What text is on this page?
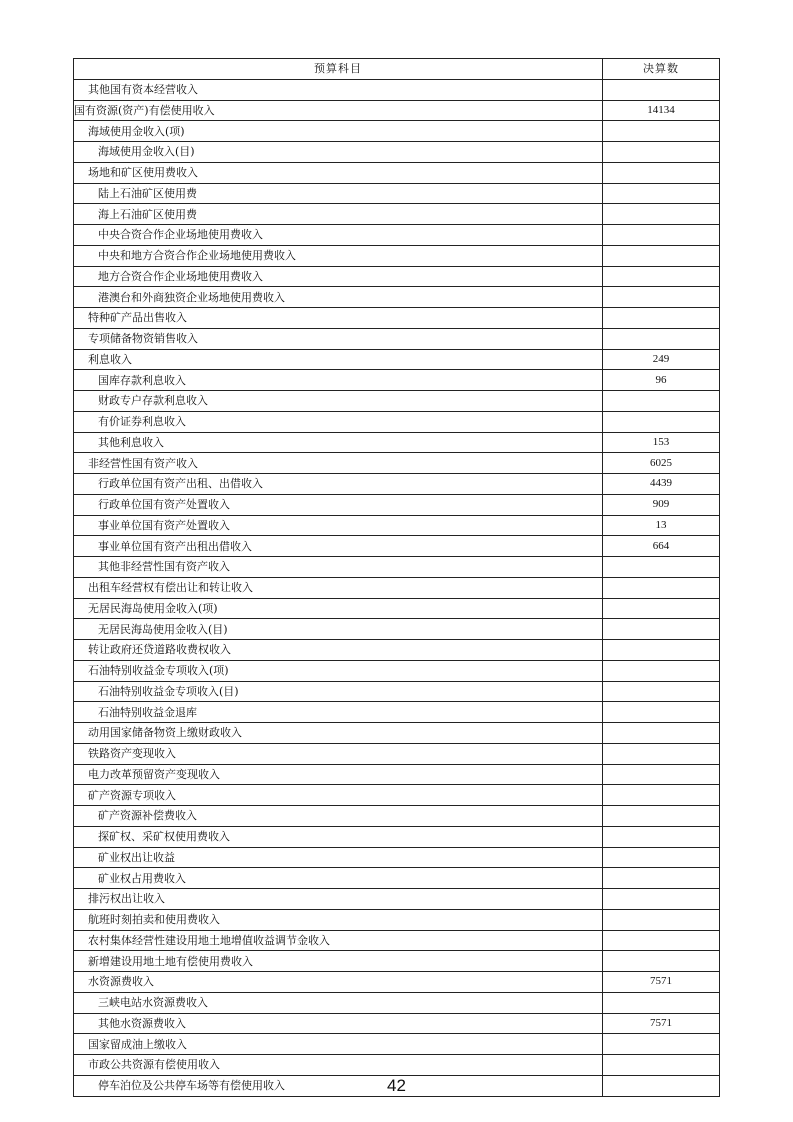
预算科目	决算数
其他国有资本经营收入	
国有资源(资产)有偿使用收入	14134
海域使用金收入(项)	
海域使用金收入(目)	
场地和矿区使用费收入	
陆上石油矿区使用费	
海上石油矿区使用费	
中央合资合作企业场地使用费收入	
中央和地方合资合作企业场地使用费收入	
地方合资合作企业场地使用费收入	
港澳台和外商独资企业场地使用费收入	
特种矿产品出售收入	
专项储备物资销售收入	
利息收入	249
国库存款利息收入	96
财政专户存款利息收入	
有价证券利息收入	
其他利息收入	153
非经营性国有资产收入	6025
行政单位国有资产出租、出借收入	4439
行政单位国有资产处置收入	909
事业单位国有资产处置收入	13
事业单位国有资产出租出借收入	664
其他非经营性国有资产收入	
出租车经营权有偿出让和转让收入	
无居民海岛使用金收入(项)	
无居民海岛使用金收入(目)	
转让政府还贷道路收费权收入	
石油特别收益金专项收入(项)	
石油特别收益金专项收入(目)	
石油特别收益金退库	
动用国家储备物资上缴财政收入	
铁路资产变现收入	
电力改革预留资产变现收入	
矿产资源专项收入	
矿产资源补偿费收入	
探矿权、采矿权使用费收入	
矿业权出让收益	
矿业权占用费收入	
排污权出让收入	
航班时刻拍卖和使用费收入	
农村集体经营性建设用地土地增值收益调节金收入	
新增建设用地土地有偿使用费收入	
水资源费收入	7571
三峡电站水资源费收入	
其他水资源费收入	7571
国家留成油上缴收入	
市政公共资源有偿使用收入	
停车泊位及公共停车场等有偿使用收入		42
